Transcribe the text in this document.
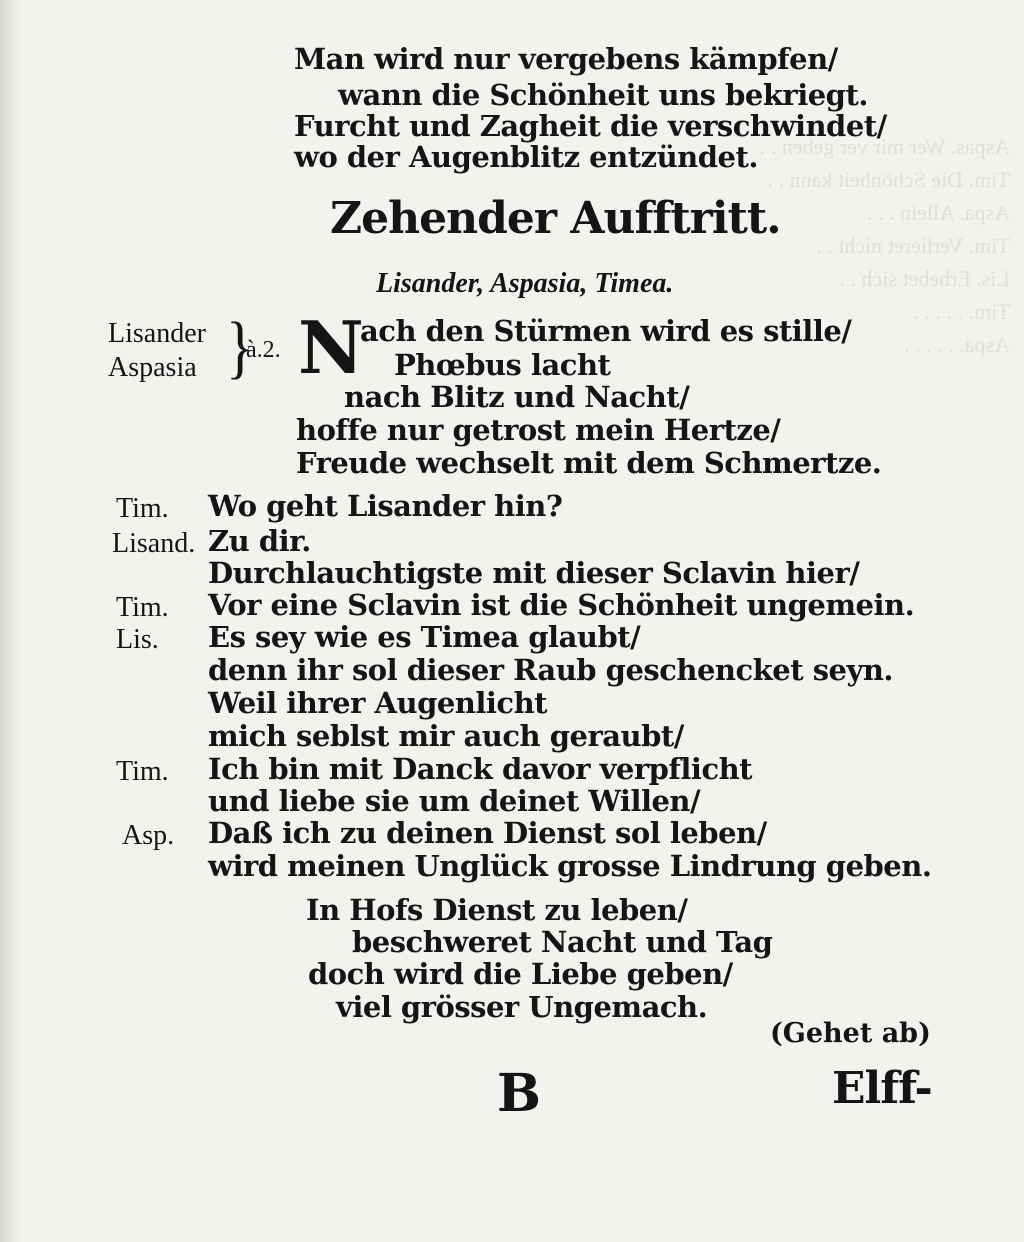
Aspas. Wer mir ver geben . .
Tim. Die Schönheit kann . .
Aspa. Allein . . .
Tim. Verlieret nicht . .
Lis. Erhebet sich . .
Tim. . . . . .
Aspa. . . . . .
Man wird nur vergebens kämpfen/
wann die Schönheit uns bekriegt.
Furcht und Zagheit die verschwindet/
wo der Augenblitz entzündet.
Zehender Aufftritt.
Lisander, Aspasia, Timea.
Lisander
Aspasia }
à.2. N
ach den Stürmen wird es stille/
Phœbus lacht
nach Blitz und Nacht/
hoffe nur getrost mein Hertze/
Freude wechselt mit dem Schmertze.
Tim. Wo geht Lisander hin?
Lisand. Zu dir.
Durchlauchtigste mit dieser Sclavin hier/
Tim. Vor eine Sclavin ist die Schönheit ungemein.
Lis. Es sey wie es Timea glaubt/
denn ihr sol dieser Raub geschencket seyn.
Weil ihrer Augenlicht
mich seblst mir auch geraubt/
Tim. Ich bin mit Danck davor verpflicht
und liebe sie um deinet Willen/
Asp. Daß ich zu deinen Dienst sol leben/
wird meinen Unglück grosse Lindrung geben.
In Hofs Dienst zu leben/
beschweret Nacht und Tag
doch wird die Liebe geben/
viel grösser Ungemach.
(Gehet ab)
B	Elff-
